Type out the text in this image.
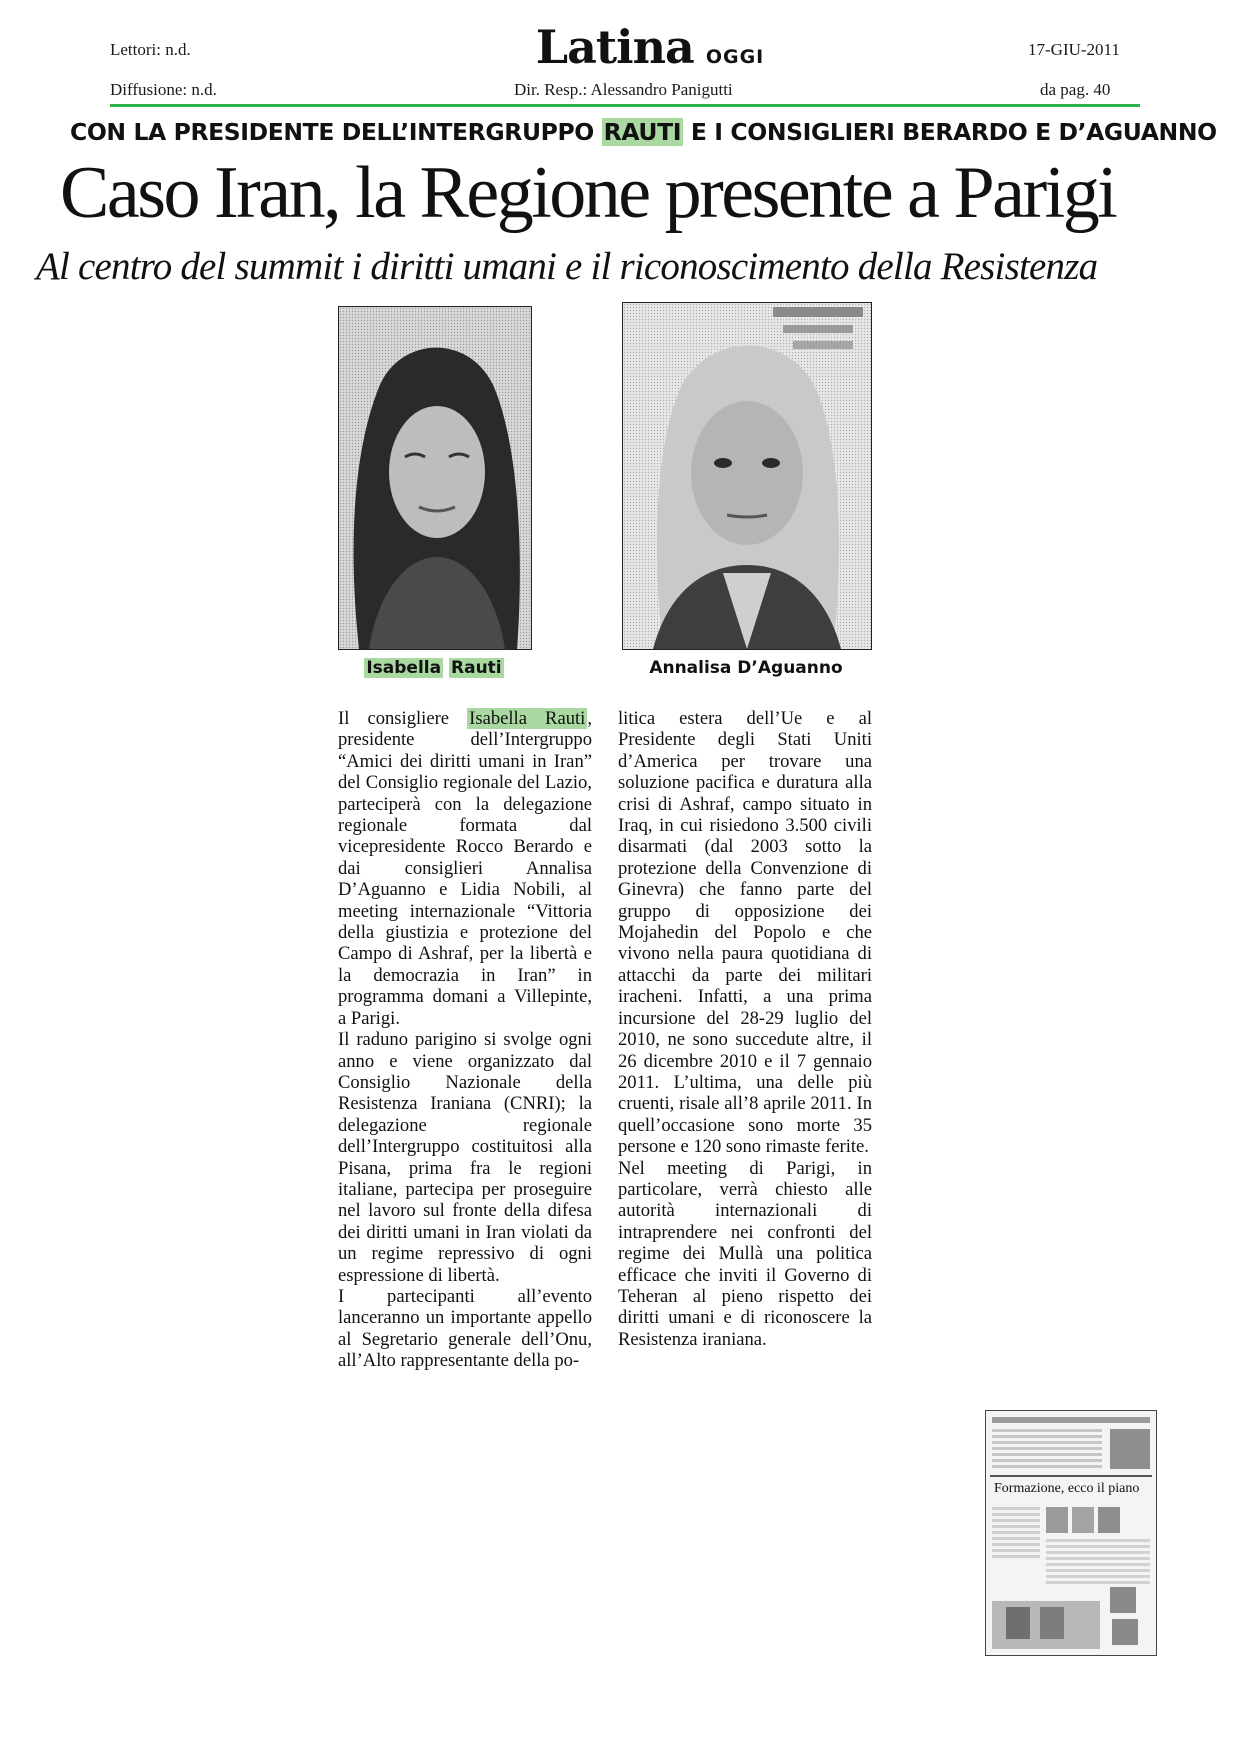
Lettori: n.d.
Diffusione: n.d.
Latina OGGI
Dir. Resp.: Alessandro Panigutti
17-GIU-2011
da pag. 40
CON LA PRESIDENTE DELL’INTERGRUPPO RAUTI E I CONSIGLIERI BERARDO E D’AGUANNO
Caso Iran, la Regione presente a Parigi
Al centro del summit i diritti umani e il riconoscimento della Resistenza
Isabella Rauti	Annalisa D’Aguanno

Il consigliere Isabella Rauti , presidente dell’Intergruppo “Amici dei diritti umani in Iran” del Consiglio regionale del Lazio, parteciperà con la delegazione regionale formata dal vicepresidente Rocco Berardo e dai consiglieri Annalisa D’Aguanno e Lidia Nobili, al meeting internazionale “Vittoria della giustizia e protezione del Campo di Ashraf, per la libertà e la democrazia in Iran” in programma domani a Villepinte, a Parigi.

Il raduno parigino si svolge ogni anno e viene organizzato dal Consiglio Nazionale della Resistenza Iraniana (CNRI); la delegazione regionale dell’Intergruppo costituitosi alla Pisana, prima fra le regioni italiane, partecipa per proseguire nel lavoro sul fronte della difesa dei diritti umani in Iran violati da un regime repressivo di ogni espressione di libertà.

I partecipanti all’evento lanceranno un importante appello al Segretario generale dell’Onu, all’Alto rappresentante della po-

litica estera dell’Ue e al Presidente degli Stati Uniti d’America per trovare una soluzione pacifica e duratura alla crisi di Ashraf, campo situato in Iraq, in cui risiedono 3.500 civili disarmati (dal 2003 sotto la protezione della Convenzione di Ginevra) che fanno parte del gruppo di opposizione dei Mojahedin del Popolo e che vivono nella paura quotidiana di attacchi da parte dei militari iracheni. Infatti, a una prima incursione del 28-29 luglio del 2010, ne sono succedute altre, il 26 dicembre 2010 e il 7 gennaio 2011. L’ultima, una delle più cruenti, risale all’8 aprile 2011. In quell’occasione sono morte 35 persone e 120 sono rimaste ferite.

Nel meeting di Parigi, in particolare, verrà chiesto alle autorità internazionali di intraprendere nei confronti del regime dei Mullà una politica efficace che inviti il Governo di Teheran al pieno rispetto dei diritti umani e di riconoscere la Resistenza iraniana.

Formazione, ecco il piano
